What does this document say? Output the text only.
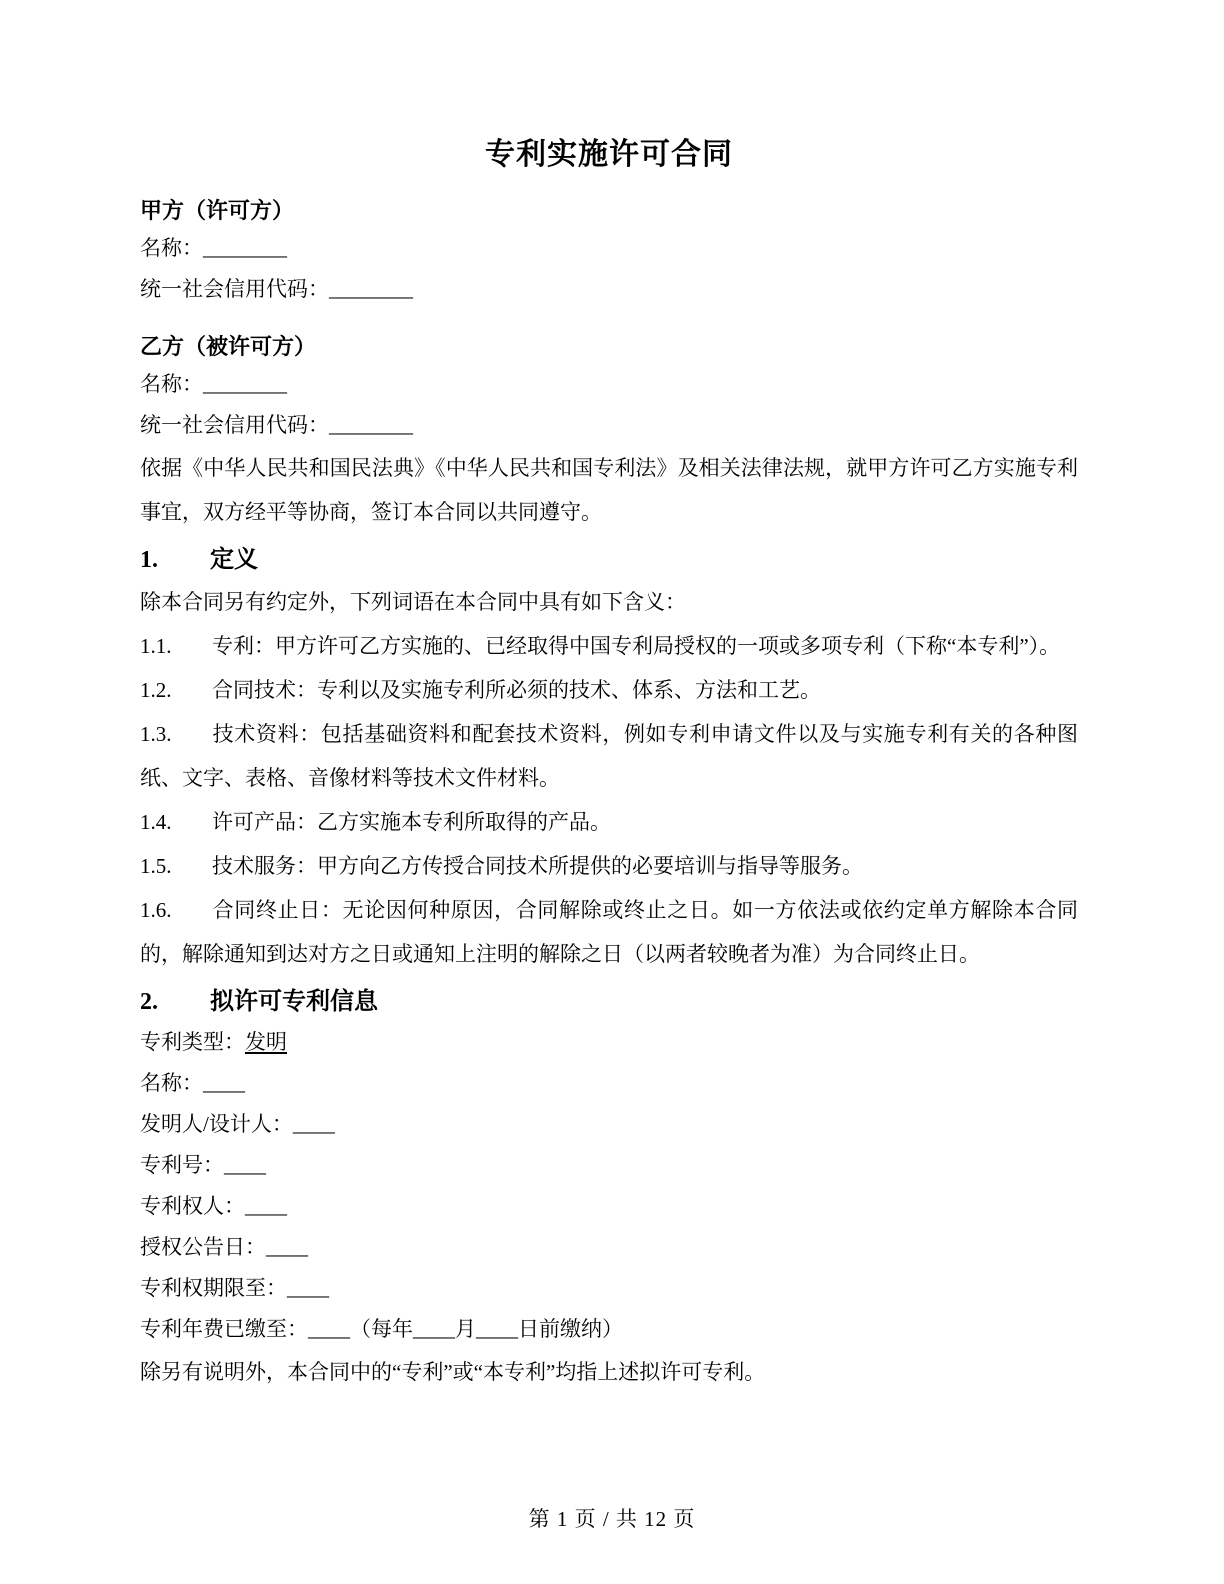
专利实施许可合同
甲方（许可方）
名称：________
统一社会信用代码：________
乙方（被许可方）
名称：________
统一社会信用代码：________

依据《中华人民共和国民法典》《中华人民共和国专利法》及相关法律法规，就甲方许可乙方实施专利事宜，双方经平等协商，签订本合同以共同遵守。

1.	定义

除本合同另有约定外，下列词语在本合同中具有如下含义：

1.1. 专利：甲方许可乙方实施的、已经取得中国专利局授权的一项或多项专利（下称“本专利”）。

1.2. 合同技术：专利以及实施专利所必须的技术、体系、方法和工艺。

1.3. 技术资料：包括基础资料和配套技术资料，例如专利申请文件以及与实施专利有关的各种图纸、文字、表格、音像材料等技术文件材料。

1.4. 许可产品：乙方实施本专利所取得的产品。

1.5. 技术服务：甲方向乙方传授合同技术所提供的必要培训与指导等服务。

1.6. 合同终止日：无论因何种原因，合同解除或终止之日。如一方依法或依约定单方解除本合同的，解除通知到达对方之日或通知上注明的解除之日（以两者较晚者为准）为合同终止日。

2.	拟许可专利信息
专利类型：发明
名称：____
发明人/设计人：____
专利号：____
专利权人：____
授权公告日：____
专利权期限至：____
专利年费已缴至：____（每年____月____日前缴纳）

除另有说明外，本合同中的“专利”或“本专利”均指上述拟许可专利。

第 1 页 / 共 12 页
